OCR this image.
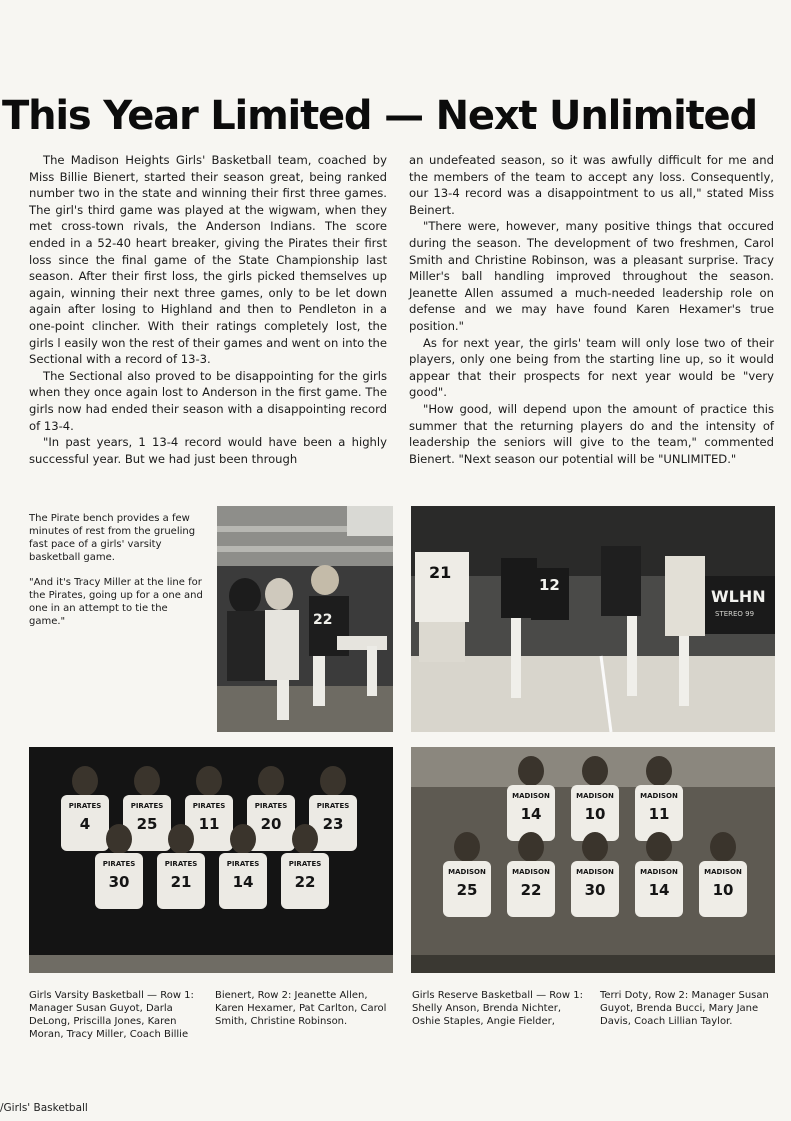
This Year Limited — Next Unlimited

The Madison Heights Girls' Basketball team, coached by Miss Billie Bienert, started their season great, being ranked number two in the state and winning their first three games. The girl's third game was played at the wigwam, when they met cross-town rivals, the Anderson Indians. The score ended in a 52-40 heart breaker, giving the Pirates their first loss since the final game of the State Championship last season. After their first loss, the girls picked themselves up again, winning their next three games, only to be let down again after losing to Highland and then to Pendleton in a one-point clincher. With their ratings completely lost, the girls l easily won the rest of their games and went on into the Sectional with a record of 13-3.

The Sectional also proved to be disappointing for the girls when they once again lost to Anderson in the first game. The girls now had ended their season with a disappointing record of 13-4.

"In past years, 1 13-4 record would have been a highly successful year. But we had just been through

an undefeated season, so it was awfully difficult for me and the members of the team to accept any loss. Consequently, our 13-4 record was a disappointment to us all," stated Miss Beinert.

"There were, however, many positive things that occured during the season. The development of two freshmen, Carol Smith and Christine Robinson, was a pleasant surprise. Tracy Miller's ball handling improved throughout the season. Jeanette Allen assumed a much-needed leadership role on defense and we may have found Karen Hexamer's true position."

As for next year, the girls' team will only lose two of their players, only one being from the starting line up, so it would appear that their prospects for next year would be "very good".

"How good, will depend upon the amount of practice this summer that the returning players do and the intensity of leadership the seniors will give to the team," commented Bienert. "Next season our potential will be "UNLIMITED."

The Pirate bench provides a few minutes of rest from the grueling fast pace of a girls' varsity basketball game.

"And it's Tracy Miller at the line for the Pirates, going up for a one and one in an attempt to tie the game."	22
WLHN
STEREO 99
21
12
4
PIRATES
25
PIRATES
11
PIRATES
20
PIRATES
23
PIRATES
30
PIRATES
21
PIRATES
14
PIRATES
22
PIRATES
14
MADISON
10
MADISON
11
MADISON
25
MADISON
22
MADISON
30
MADISON
14
MADISON
10
MADISON

Girls Varsity Basketball — Row 1: Manager Susan Guyot, Darla DeLong, Priscilla Jones, Karen Moran, Tracy Miller, Coach Billie

Bienert, Row 2: Jeanette Allen, Karen Hexamer, Pat Carlton, Carol Smith, Christine Robinson.

Girls Reserve Basketball — Row 1: Shelly Anson, Brenda Nichter, Oshie Staples, Angie Fielder,

Terri Doty, Row 2: Manager Susan Guyot, Brenda Bucci, Mary Jane Davis, Coach Lillian Taylor.

/Girls' Basketball
